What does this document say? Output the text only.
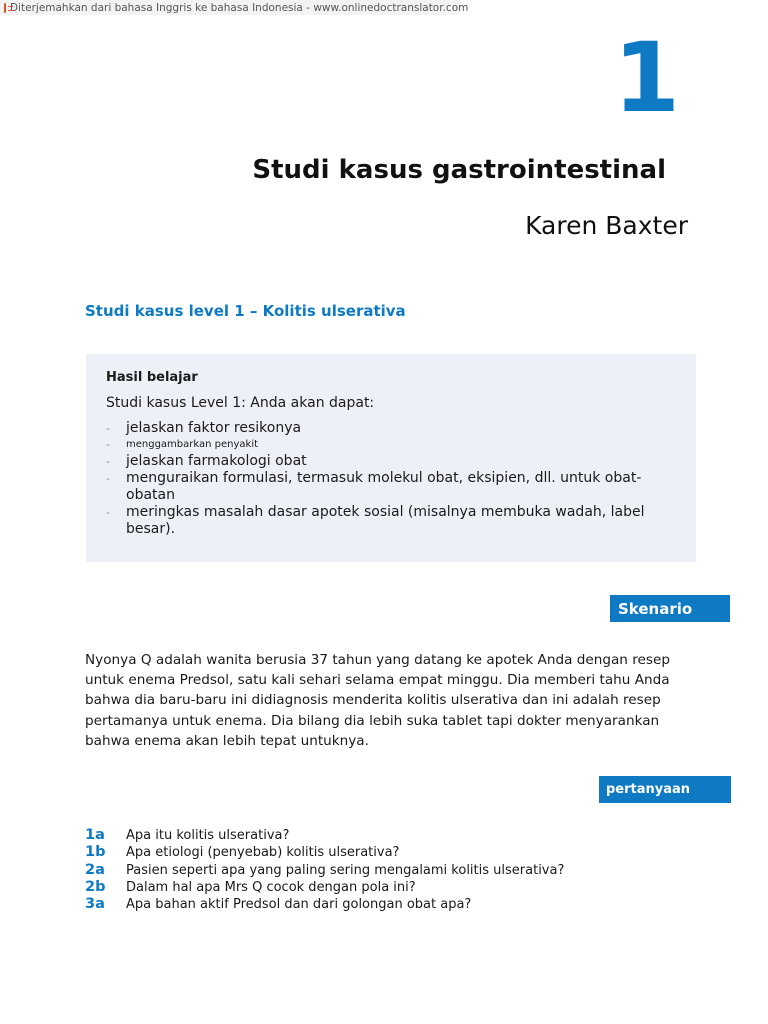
Diterjemahkan dari bahasa Inggris ke bahasa Indonesia - www.onlinedoctranslator.com
1
Studi kasus gastrointestinal
Karen Baxter
Studi kasus level 1 – Kolitis ulserativa

Hasil belajar

Studi kasus Level 1: Anda akan dapat:

- jelaskan faktor resikonya
- menggambarkan penyakit
- jelaskan farmakologi obat
- menguraikan formulasi, termasuk molekul obat, eksipien, dll. untuk obat-obatan
- meringkas masalah dasar apotek sosial (misalnya membuka wadah, label besar).
Skenario

Nyonya Q adalah wanita berusia 37 tahun yang datang ke apotek Anda dengan resep untuk enema Predsol, satu kali sehari selama empat minggu. Dia memberi tahu Anda bahwa dia baru-baru ini didiagnosis menderita kolitis ulserativa dan ini adalah resep pertamanya untuk enema. Dia bilang dia lebih suka tablet tapi dokter menyarankan bahwa enema akan lebih tepat untuknya.

pertanyaan
1a	Apa itu kolitis ulserativa?
1b	Apa etiologi (penyebab) kolitis ulserativa?
2a	Pasien seperti apa yang paling sering mengalami kolitis ulserativa?
2b	Dalam hal apa Mrs Q cocok dengan pola ini?
3a	Apa bahan aktif Predsol dan dari golongan obat apa?
